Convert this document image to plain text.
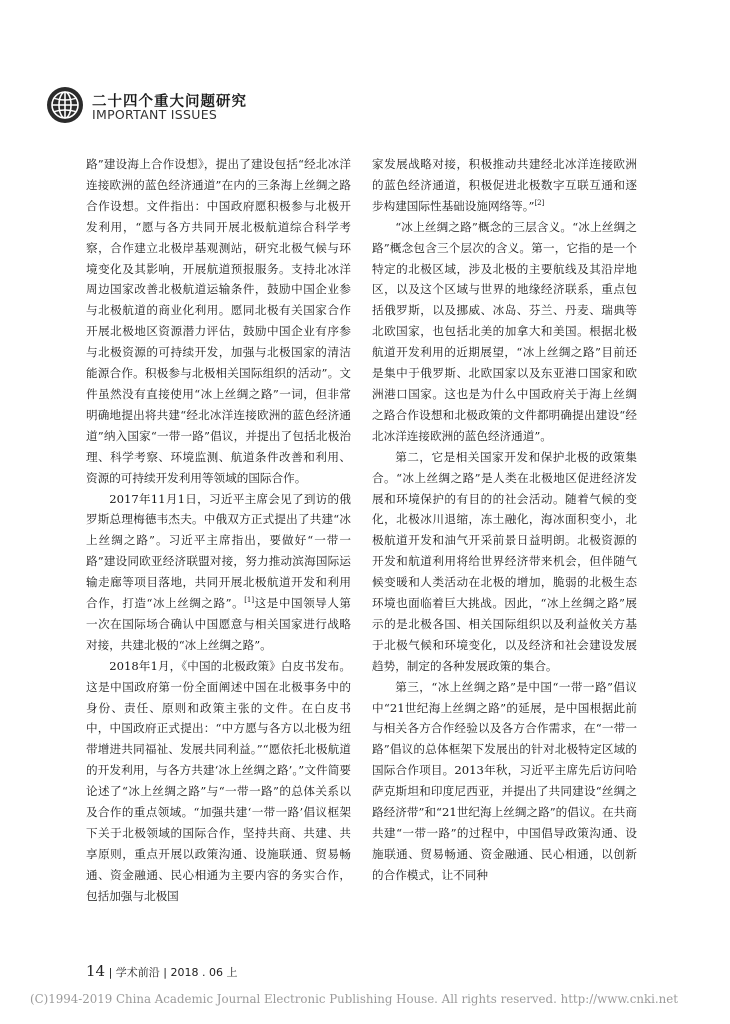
二十四个重大问题研究
IMPORTANT ISSUES

路”建设海上合作设想》，提出了建设包括“经北冰洋连接欧洲的蓝色经济通道”在内的三条海上丝绸之路合作设想。文件指出：中国政府愿积极参与北极开发利用，“愿与各方共同开展北极航道综合科学考察，合作建立北极岸基观测站，研究北极气候与环境变化及其影响，开展航道预报服务。支持北冰洋周边国家改善北极航道运输条件，鼓励中国企业参与北极航道的商业化利用。愿同北极有关国家合作开展北极地区资源潜力评估，鼓励中国企业有序参与北极资源的可持续开发，加强与北极国家的清洁能源合作。积极参与北极相关国际组织的活动”。文件虽然没有直接使用“冰上丝绸之路”一词，但非常明确地提出将共建“经北冰洋连接欧洲的蓝色经济通道”纳入国家“一带一路”倡议，并提出了包括北极治理、科学考察、环境监测、航道条件改善和利用、资源的可持续开发利用等领域的国际合作。

2017年11月1日，习近平主席会见了到访的俄罗斯总理梅德韦杰夫。中俄双方正式提出了共建“冰上丝绸之路”。习近平主席指出，要做好“一带一路”建设同欧亚经济联盟对接，努力推动滨海国际运输走廊等项目落地，共同开展北极航道开发和利用合作，打造“冰上丝绸之路”。[1]这是中国领导人第一次在国际场合确认中国愿意与相关国家进行战略对接，共建北极的“冰上丝绸之路”。

2018年1月，《中国的北极政策》白皮书发布。这是中国政府第一份全面阐述中国在北极事务中的身份、责任、原则和政策主张的文件。在白皮书中，中国政府正式提出：“中方愿与各方以北极为纽带增进共同福祉、发展共同利益。”“愿依托北极航道的开发利用，与各方共建‘冰上丝绸之路’。”文件简要论述了“冰上丝绸之路”与“一带一路”的总体关系以及合作的重点领域。“加强共建‘一带一路’倡议框架下关于北极领域的国际合作，坚持共商、共建、共享原则，重点开展以政策沟通、设施联通、贸易畅通、资金融通、民心相通为主要内容的务实合作，包括加强与北极国

家发展战略对接，积极推动共建经北冰洋连接欧洲的蓝色经济通道，积极促进北极数字互联互通和逐步构建国际性基础设施网络等。”[2]

“冰上丝绸之路”概念的三层含义。“冰上丝绸之路”概念包含三个层次的含义。第一，它指的是一个特定的北极区域，涉及北极的主要航线及其沿岸地区，以及这个区域与世界的地缘经济联系，重点包括俄罗斯，以及挪威、冰岛、芬兰、丹麦、瑞典等北欧国家，也包括北美的加拿大和美国。根据北极航道开发利用的近期展望，“冰上丝绸之路”目前还是集中于俄罗斯、北欧国家以及东亚港口国家和欧洲港口国家。这也是为什么中国政府关于海上丝绸之路合作设想和北极政策的文件都明确提出建设“经北冰洋连接欧洲的蓝色经济通道”。

第二，它是相关国家开发和保护北极的政策集合。“冰上丝绸之路”是人类在北极地区促进经济发展和环境保护的有目的的社会活动。随着气候的变化，北极冰川退缩，冻土融化，海冰面积变小，北极航道开发和油气开采前景日益明朗。北极资源的开发和航道利用将给世界经济带来机会，但伴随气候变暖和人类活动在北极的增加，脆弱的北极生态环境也面临着巨大挑战。因此，“冰上丝绸之路”展示的是北极各国、相关国际组织以及利益攸关方基于北极气候和环境变化，以及经济和社会建设发展趋势，制定的各种发展政策的集合。

第三，“冰上丝绸之路”是中国“一带一路”倡议中“21世纪海上丝绸之路”的延展，是中国根据此前与相关各方合作经验以及各方合作需求，在“一带一路”倡议的总体框架下发展出的针对北极特定区域的国际合作项目。2013年秋，习近平主席先后访问哈萨克斯坦和印度尼西亚，并提出了共同建设“丝绸之路经济带”和“21世纪海上丝绸之路”的倡议。在共商共建“一带一路”的过程中，中国倡导政策沟通、设施联通、贸易畅通、资金融通、民心相通，以创新的合作模式，让不同种

14 | 学术前沿 | 2018 . 06 上
(C)1994-2019 China Academic Journal Electronic Publishing House. All rights reserved. http://www.cnki.net
